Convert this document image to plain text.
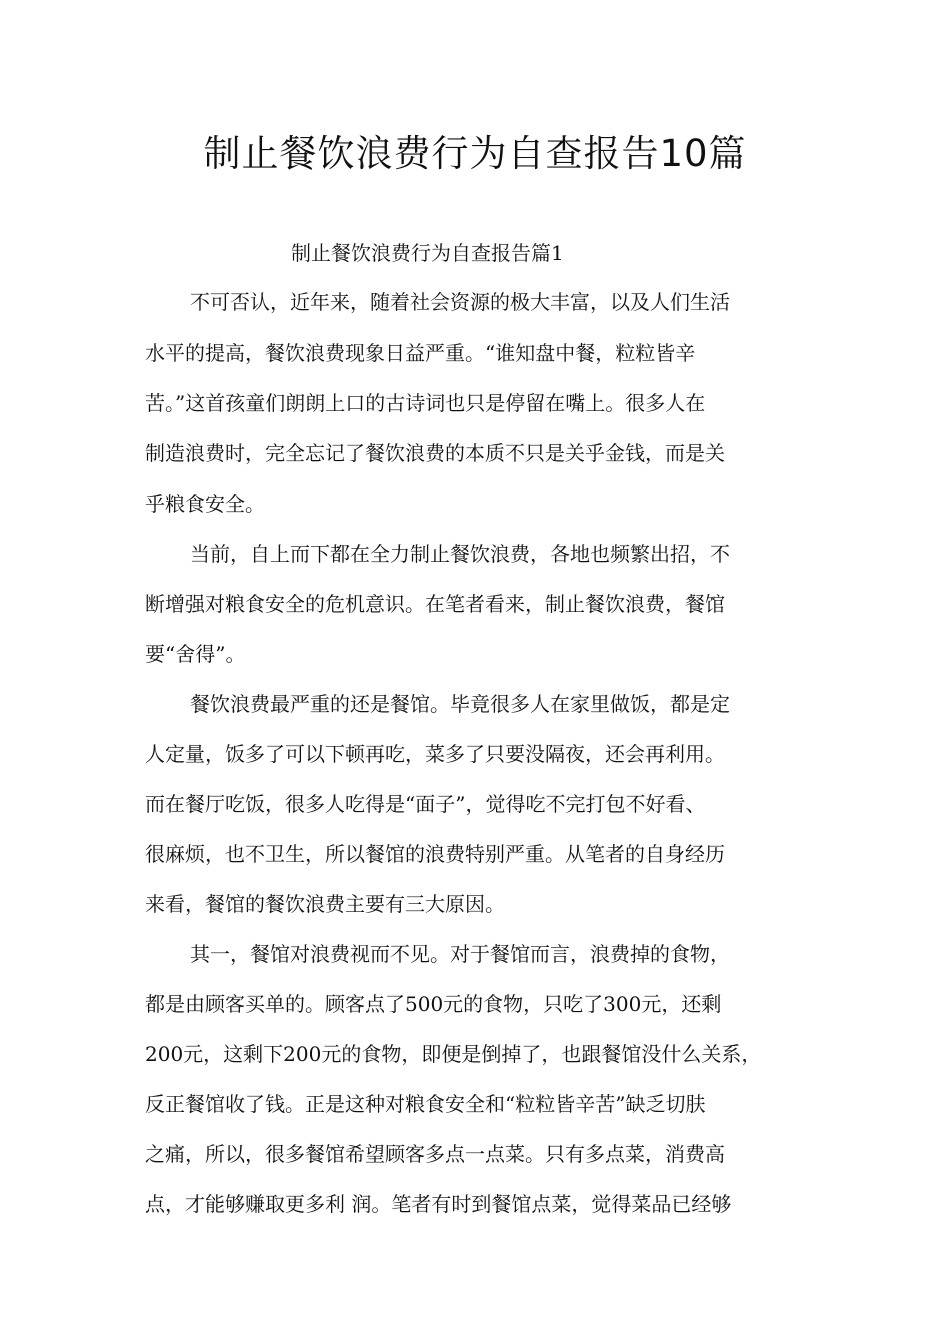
制止餐饮浪费行为自查报告10篇
制止餐饮浪费行为自查报告篇1
不可否认，近年来，随着社会资源的极大丰富，以及人们生活
水平的提高，餐饮浪费现象日益严重。“谁知盘中餐，粒粒皆辛
苦。”这首孩童们朗朗上口的古诗词也只是停留在嘴上。很多人在
制造浪费时，完全忘记了餐饮浪费的本质不只是关乎金钱，而是关
乎粮食安全。
当前，自上而下都在全力制止餐饮浪费，各地也频繁出招，不
断增强对粮食安全的危机意识。在笔者看来，制止餐饮浪费，餐馆
要“舍得”。
餐饮浪费最严重的还是餐馆。毕竟很多人在家里做饭，都是定
人定量，饭多了可以下顿再吃，菜多了只要没隔夜，还会再利用。
而在餐厅吃饭，很多人吃得是“面子”，觉得吃不完打包不好看、
很麻烦，也不卫生，所以餐馆的浪费特别严重。从笔者的自身经历
来看，餐馆的餐饮浪费主要有三大原因。
其一，餐馆对浪费视而不见。对于餐馆而言，浪费掉的食物，
都是由顾客买单的。顾客点了500元的食物，只吃了300元，还剩
200元，这剩下200元的食物，即便是倒掉了，也跟餐馆没什么关系，
反正餐馆收了钱。正是这种对粮食安全和“粒粒皆辛苦”缺乏切肤
之痛，所以，很多餐馆希望顾客多点一点菜。只有多点菜，消费高
点，才能够赚取更多利 润。笔者有时到餐馆点菜，觉得菜品已经够
